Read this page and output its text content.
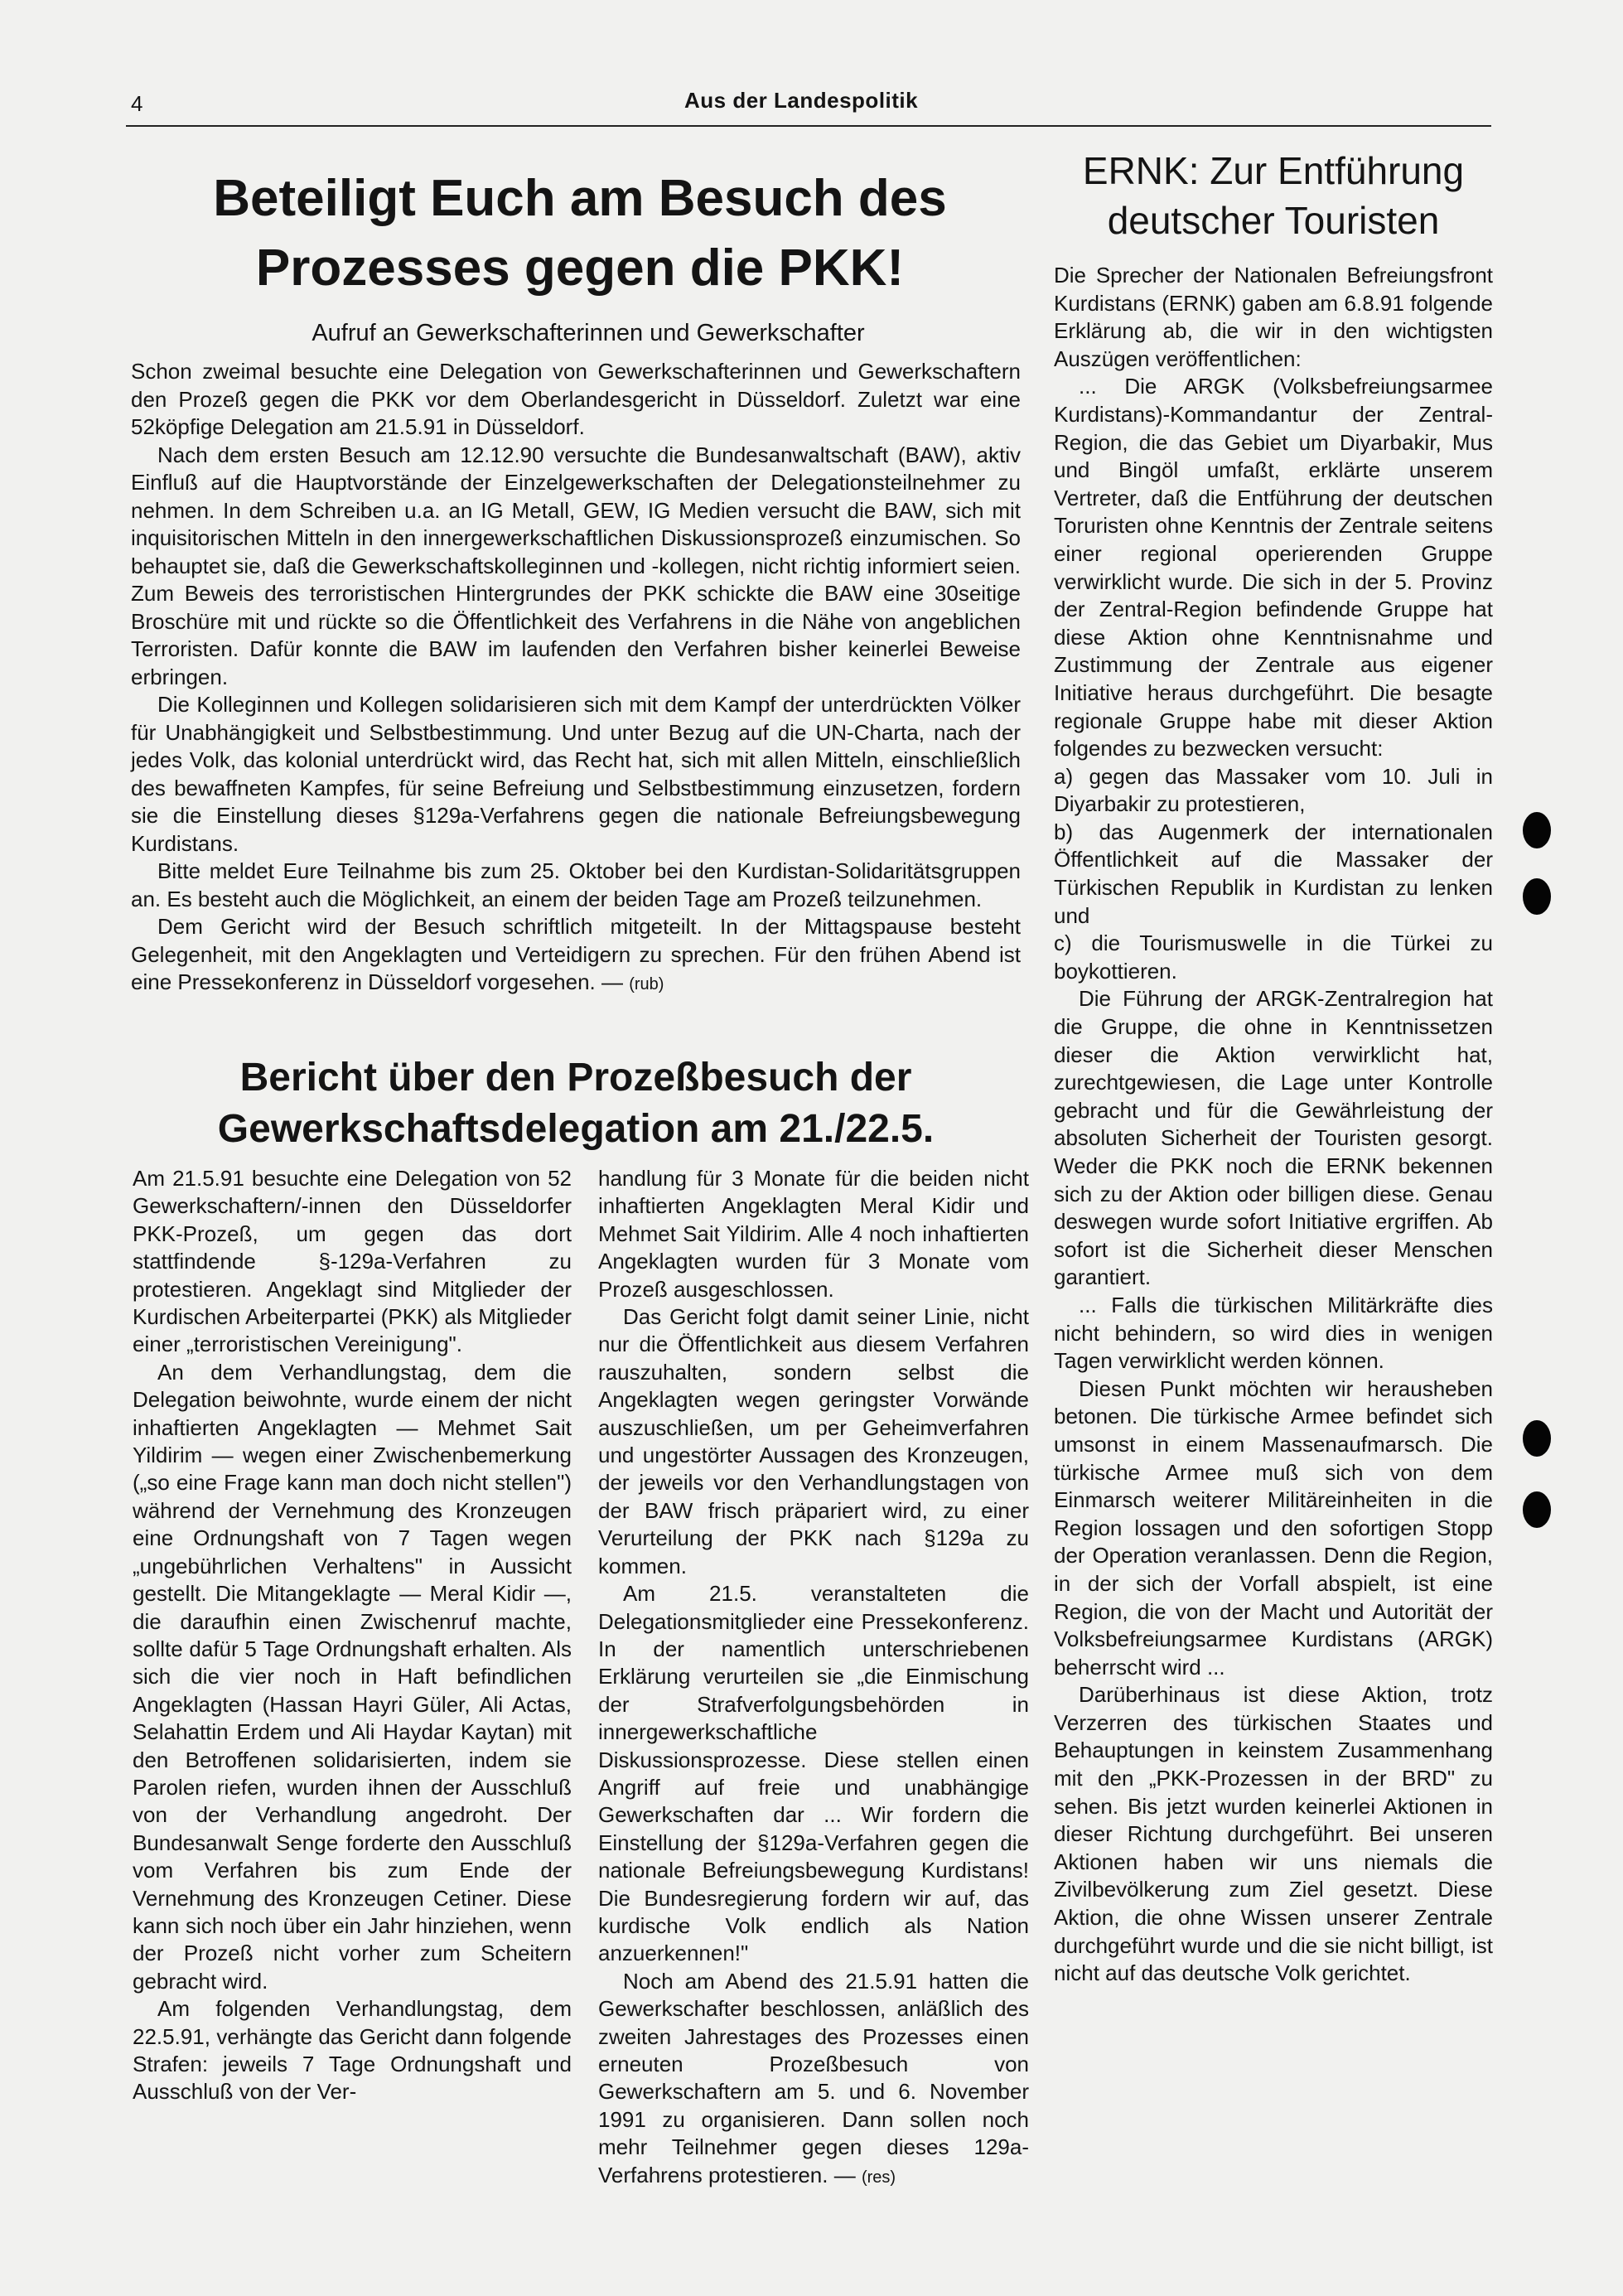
4	Aus der Landespolitik
Beteiligt Euch am Besuch des Prozesses gegen die PKK!
Aufruf an Gewerkschafterinnen und Gewerkschafter

Schon zweimal besuchte eine Delegation von Gewerkschafterinnen und Gewerkschaftern den Prozeß gegen die PKK vor dem Oberlandesgericht in Düsseldorf. Zuletzt war eine 52köpfige Delegation am 21.5.91 in Düsseldorf.

Nach dem ersten Besuch am 12.12.90 versuchte die Bundesanwaltschaft (BAW), aktiv Einfluß auf die Hauptvorstände der Einzelgewerkschaften der Delegationsteilnehmer zu nehmen. In dem Schreiben u.a. an IG Metall, GEW, IG Medien versucht die BAW, sich mit inquisitorischen Mitteln in den innergewerkschaftlichen Diskussionsprozeß einzumischen. So behauptet sie, daß die Gewerkschaftskolleginnen und -kollegen, nicht richtig informiert seien. Zum Beweis des terroristischen Hintergrundes der PKK schickte die BAW eine 30seitige Broschüre mit und rückte so die Öffentlichkeit des Verfahrens in die Nähe von angeblichen Terroristen. Dafür konnte die BAW im laufenden den Verfahren bisher keinerlei Beweise erbringen.

Die Kolleginnen und Kollegen solidarisieren sich mit dem Kampf der unterdrückten Völker für Unabhängigkeit und Selbstbestimmung. Und unter Bezug auf die UN-Charta, nach der jedes Volk, das kolonial unterdrückt wird, das Recht hat, sich mit allen Mitteln, einschließlich des bewaffneten Kampfes, für seine Befreiung und Selbstbestimmung einzusetzen, fordern sie die Einstellung dieses §129a-Verfahrens gegen die nationale Befreiungsbewegung Kurdistans.

Bitte meldet Eure Teilnahme bis zum 25. Oktober bei den Kurdistan-Solidaritätsgruppen an. Es besteht auch die Möglichkeit, an einem der beiden Tage am Prozeß teilzunehmen.

Dem Gericht wird der Besuch schriftlich mitgeteilt. In der Mittagspause besteht Gelegenheit, mit den Angeklagten und Verteidigern zu sprechen. Für den frühen Abend ist eine Pressekonferenz in Düsseldorf vorgesehen. — (rub)

Bericht über den Prozeßbesuch der Gewerkschaftsdelegation am 21./22.5.

Am 21.5.91 besuchte eine Delegation von 52 Gewerkschaftern/-innen den Düsseldorfer PKK-Prozeß, um gegen das dort stattfindende §-129a-Verfahren zu protestieren. Angeklagt sind Mitglieder der Kurdischen Arbeiterpartei (PKK) als Mitglieder einer „terroristischen Vereinigung".

An dem Verhandlungstag, dem die Delegation beiwohnte, wurde einem der nicht inhaftierten Angeklagten — Mehmet Sait Yildirim — wegen einer Zwischenbemerkung („so eine Frage kann man doch nicht stellen") während der Vernehmung des Kronzeugen eine Ordnungshaft von 7 Tagen wegen „ungebührlichen Verhaltens" in Aussicht gestellt. Die Mitangeklagte — Meral Kidir —, die daraufhin einen Zwischenruf machte, sollte dafür 5 Tage Ordnungshaft erhalten. Als sich die vier noch in Haft befindlichen Angeklagten (Hassan Hayri Güler, Ali Actas, Selahattin Erdem und Ali Haydar Kaytan) mit den Betroffenen solidarisierten, indem sie Parolen riefen, wurden ihnen der Ausschluß von der Verhandlung angedroht. Der Bundesanwalt Senge forderte den Ausschluß vom Verfahren bis zum Ende der Vernehmung des Kronzeugen Cetiner. Diese kann sich noch über ein Jahr hinziehen, wenn der Prozeß nicht vorher zum Scheitern gebracht wird.

Am folgenden Verhandlungstag, dem 22.5.91, verhängte das Gericht dann folgende Strafen: jeweils 7 Tage Ordnungshaft und Ausschluß von der Ver-

handlung für 3 Monate für die beiden nicht inhaftierten Angeklagten Meral Kidir und Mehmet Sait Yildirim. Alle 4 noch inhaftierten Angeklagten wurden für 3 Monate vom Prozeß ausgeschlossen.

Das Gericht folgt damit seiner Linie, nicht nur die Öffentlichkeit aus diesem Verfahren rauszuhalten, sondern selbst die Angeklagten wegen geringster Vorwände auszuschließen, um per Geheimverfahren und ungestörter Aussagen des Kronzeugen, der jeweils vor den Verhandlungstagen von der BAW frisch präpariert wird, zu einer Verurteilung der PKK nach §129a zu kommen.

Am 21.5. veranstalteten die Delegationsmitglieder eine Pressekonferenz. In der namentlich unterschriebenen Erklärung verurteilen sie „die Einmischung der Strafverfolgungsbehörden in innergewerkschaftliche Diskussionsprozesse. Diese stellen einen Angriff auf freie und unabhängige Gewerkschaften dar ... Wir fordern die Einstellung der §129a-Verfahren gegen die nationale Befreiungsbewegung Kurdistans! Die Bundesregierung fordern wir auf, das kurdische Volk endlich als Nation anzuerkennen!"

Noch am Abend des 21.5.91 hatten die Gewerkschafter beschlossen, anläßlich des zweiten Jahrestages des Prozesses einen erneuten Prozeßbesuch von Gewerkschaftern am 5. und 6. November 1991 zu organisieren. Dann sollen noch mehr Teilnehmer gegen dieses 129a-Verfahrens protestieren. — (res)

ERNK: Zur Entführung deutscher Touristen

Die Sprecher der Nationalen Befreiungsfront Kurdistans (ERNK) gaben am 6.8.91 folgende Erklärung ab, die wir in den wichtigsten Auszügen veröffentlichen:

... Die ARGK (Volksbefreiungsarmee Kurdistans)-Kommandantur der Zentral-Region, die das Gebiet um Diyarbakir, Mus und Bingöl umfaßt, erklärte unserem Vertreter, daß die Entführung der deutschen Toruristen ohne Kenntnis der Zentrale seitens einer regional operierenden Gruppe verwirklicht wurde. Die sich in der 5. Provinz der Zentral-Region befindende Gruppe hat diese Aktion ohne Kenntnisnahme und Zustimmung der Zentrale aus eigener Initiative heraus durchgeführt. Die besagte regionale Gruppe habe mit dieser Aktion folgendes zu bezwecken versucht:

a) gegen das Massaker vom 10. Juli in Diyarbakir zu protestieren,

b) das Augenmerk der internationalen Öffentlichkeit auf die Massaker der Türkischen Republik in Kurdistan zu lenken und

c) die Tourismuswelle in die Türkei zu boykottieren.

Die Führung der ARGK-Zentralregion hat die Gruppe, die ohne in Kenntnissetzen dieser die Aktion verwirklicht hat, zurechtgewiesen, die Lage unter Kontrolle gebracht und für die Gewährleistung der absoluten Sicherheit der Touristen gesorgt. Weder die PKK noch die ERNK bekennen sich zu der Aktion oder billigen diese. Genau deswegen wurde sofort Initiative ergriffen. Ab sofort ist die Sicherheit dieser Menschen garantiert.

... Falls die türkischen Militärkräfte dies nicht behindern, so wird dies in wenigen Tagen verwirklicht werden können.

Diesen Punkt möchten wir herausheben betonen. Die türkische Armee befindet sich umsonst in einem Massenaufmarsch. Die türkische Armee muß sich von dem Einmarsch weiterer Militäreinheiten in die Region lossagen und den sofortigen Stopp der Operation veranlassen. Denn die Region, in der sich der Vorfall abspielt, ist eine Region, die von der Macht und Autorität der Volksbefreiungsarmee Kurdistans (ARGK) beherrscht wird ...

Darüberhinaus ist diese Aktion, trotz Verzerren des türkischen Staates und Behauptungen in keinstem Zusammenhang mit den „PKK-Prozessen in der BRD" zu sehen. Bis jetzt wurden keinerlei Aktionen in dieser Richtung durchgeführt. Bei unseren Aktionen haben wir uns niemals die Zivilbevölkerung zum Ziel gesetzt. Diese Aktion, die ohne Wissen unserer Zentrale durchgeführt wurde und die sie nicht billigt, ist nicht auf das deutsche Volk gerichtet.
